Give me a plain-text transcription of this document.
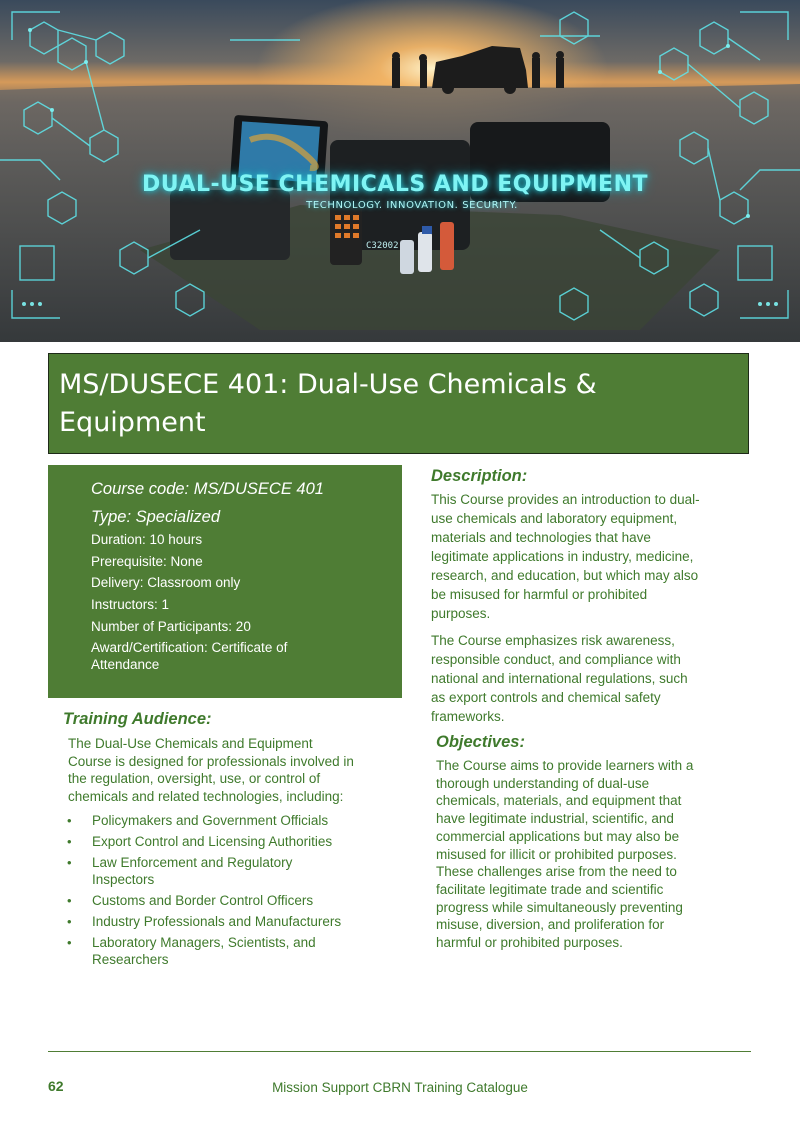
C32002
DUAL-USE CHEMICALS AND EQUIPMENT
TECHNOLOGY. INNOVATION. SECURITY.
MS/DUSECE 401: Dual-Use Chemicals &
Equipment

Course code: MS/DUSECE 401

Type: Specialized

Duration: 10 hours

Prerequisite: None

Delivery: Classroom only

Instructors: 1

Number of Participants: 20

Award/Certification: Certificate of
Attendance

Training Audience:
The Dual-Use Chemicals and Equipment
Course is designed for professionals involved in
the regulation, oversight, use, or control of
chemicals and related technologies, including:
• Policymakers and Government Officials
• Export Control and Licensing Authorities
• Law Enforcement and Regulatory
Inspectors
• Customs and Border Control Officers
• Industry Professionals and Manufacturers
• Laboratory Managers, Scientists, and
Researchers
Description:
This Course provides an introduction to dual-
use chemicals and laboratory equipment,
materials and technologies that have
legitimate applications in industry, medicine,
research, and education, but which may also
be misused for harmful or prohibited
purposes.
The Course emphasizes risk awareness,
responsible conduct, and compliance with
national and international regulations, such
as export controls and chemical safety
frameworks.
Objectives:
The Course aims to provide learners with a
thorough understanding of dual-use
chemicals, materials, and equipment that
have legitimate industrial, scientific, and
commercial applications but may also be
misused for illicit or prohibited purposes.
These challenges arise from the need to
facilitate legitimate trade and scientific
progress while simultaneously preventing
misuse, diversion, and proliferation for
harmful or prohibited purposes.
62	Mission Support CBRN Training Catalogue
